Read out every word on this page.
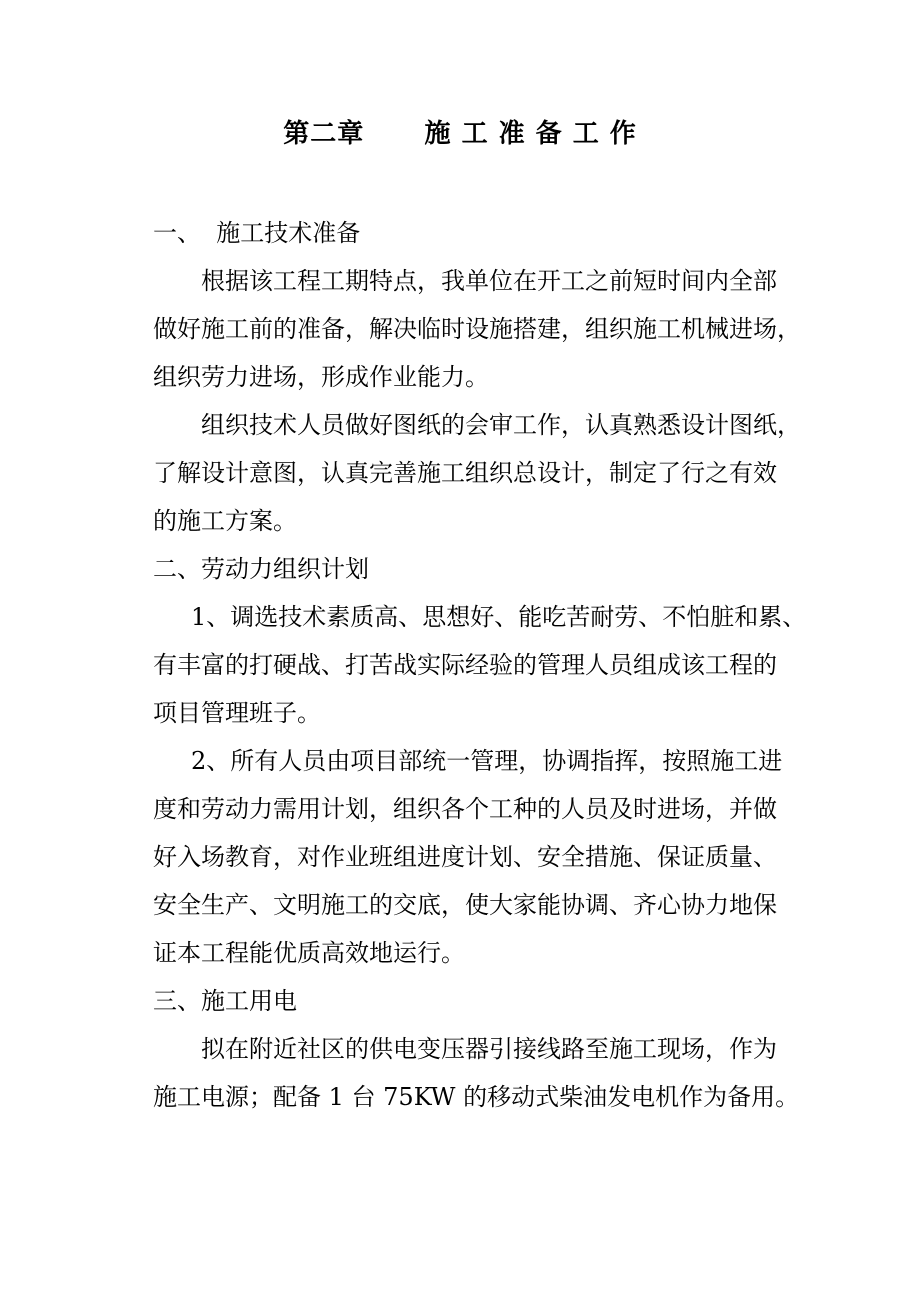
第二章      施 工 准 备 工 作
一、  施工技术准备
根据该工程工期特点，我单位在开工之前短时间内全部
做好施工前的准备，解决临时设施搭建，组织施工机械进场，
组织劳力进场，形成作业能力。
组织技术人员做好图纸的会审工作，认真熟悉设计图纸，
了解设计意图，认真完善施工组织总设计，制定了行之有效
的施工方案。
二、劳动力组织计划
1、调选技术素质高、思想好、能吃苦耐劳、不怕脏和累、
有丰富的打硬战、打苦战实际经验的管理人员组成该工程的
项目管理班子。
2、所有人员由项目部统一管理，协调指挥，按照施工进
度和劳动力需用计划，组织各个工种的人员及时进场，并做
好入场教育，对作业班组进度计划、安全措施、保证质量、
安全生产、文明施工的交底，使大家能协调、齐心协力地保
证本工程能优质高效地运行。
三、施工用电
拟在附近社区的供电变压器引接线路至施工现场，作为
施工电源；配备 1 台 75KW 的移动式柴油发电机作为备用。
